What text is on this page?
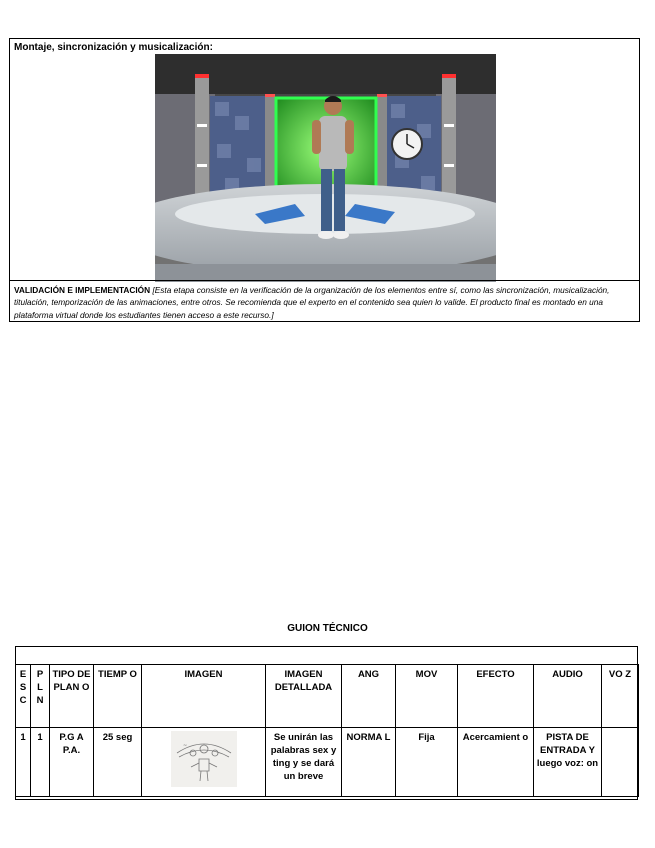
Montaje, sincronización y musicalización:
VALIDACIÓN E IMPLEMENTACIÓN [Esta etapa consiste en la verificación de la organización de los elementos entre sí, como las sincronización, musicalización, titulación, temporización de las animaciones, entre otros. Se recomienda que el experto en el contenido sea quien lo valide. El producto final es montado en una plataforma virtual donde los estudiantes tienen acceso a este recurso.]
GUION TÉCNICO
E S C	P L N	TIPO DE PLAN O	TIEMP O	IMAGEN	IMAGEN DETALLADA	ANG	MOV	EFECTO	AUDIO	VO Z
1	1	P.G A P.A.	25 seg	~	Se unirán las palabras sex y ting y se dará un breve	NORMA L	Fija	Acercamient o	PISTA DE ENTRADA Y luego voz: on	
